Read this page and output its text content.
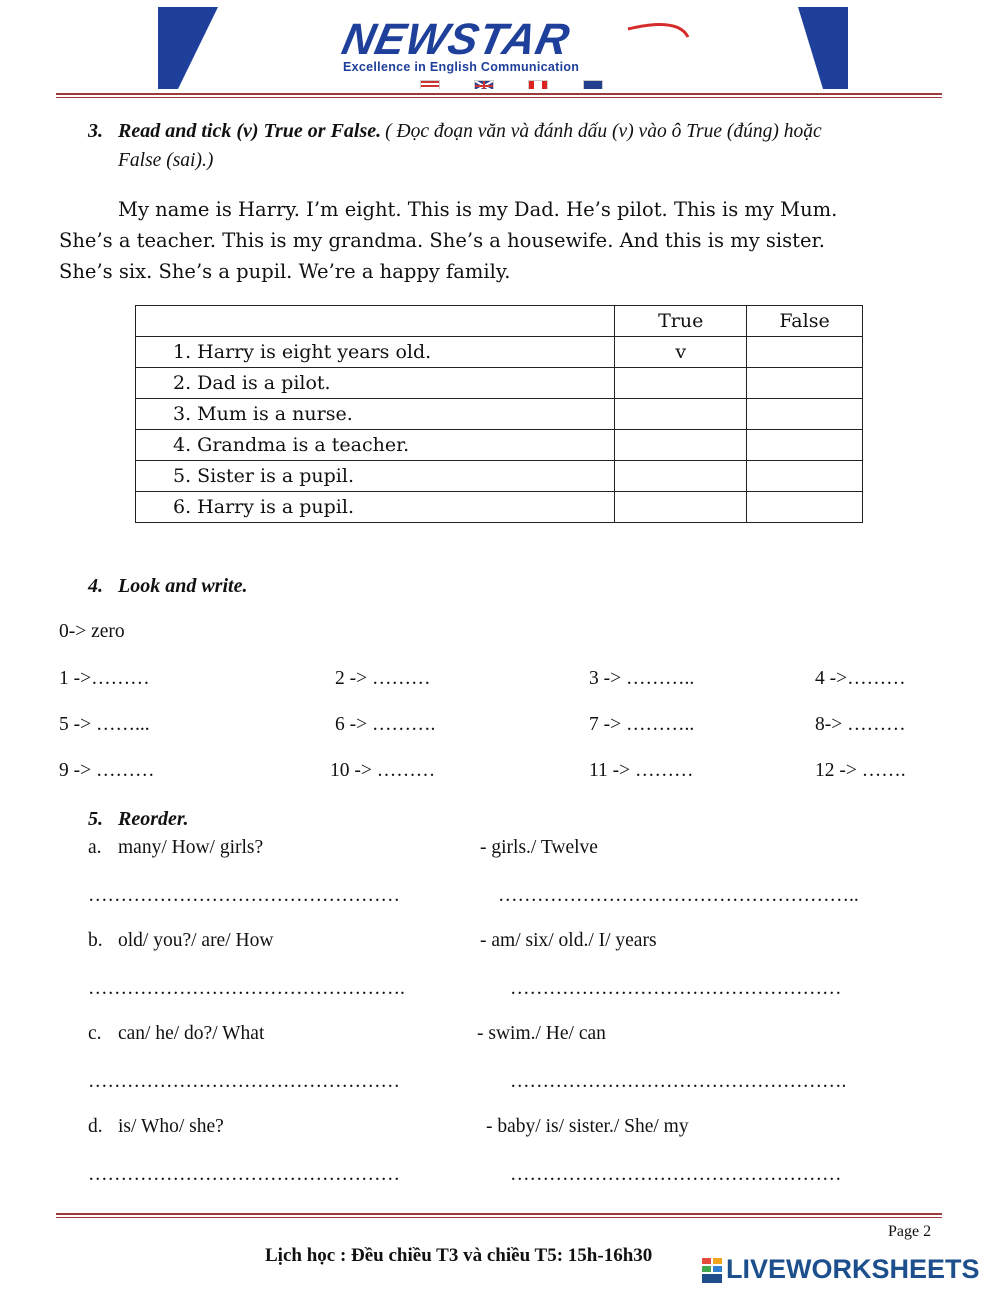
NEWSTAR
Excellence in English Communication
3. Read and tick (v) True or False. ( Đọc đoạn văn và đánh dấu (v) vào ô True (đúng) hoặc
False (sai).)
My name is Harry. I’m eight. This is my Dad. He’s pilot. This is my Mum.
She’s a teacher. This is my grandma. She’s a housewife. And this is my sister.
She’s six. She’s a pupil. We’re a happy family.
	True	False
1. Harry is eight years old.	v	
2. Dad is a pilot.		
3. Mum is a nurse.		
4. Grandma is a teacher.		
5. Sister is a pupil.		
6. Harry is a pupil.		
4. Look and write.
0-> zero
1 ->………	2 -> ………	3 -> ………..	4 ->………
5 -> ……...	6 -> ……….	7 -> ………..	8-> ………
9 -> ………	10 -> ………	11 -> ………	12 -> …….
5. Reorder.
a. many/ How/ girls?	- girls./ Twelve
…………………………………………	………………………………………………..
b. old/ you?/ are/ How	- am/ six/ old./ I/ years
………………………………………….	……………………………………………
c. can/ he/ do?/ What	- swim./ He/ can
…………………………………………	…………………………………………….
d. is/ Who/ she?	- baby/ is/ sister./ She/ my
…………………………………………	……………………………………………
Page 2
Lịch học : Đều chiều T3 và chiều T5: 15h-16h30	LIVEWORKSHEETS
